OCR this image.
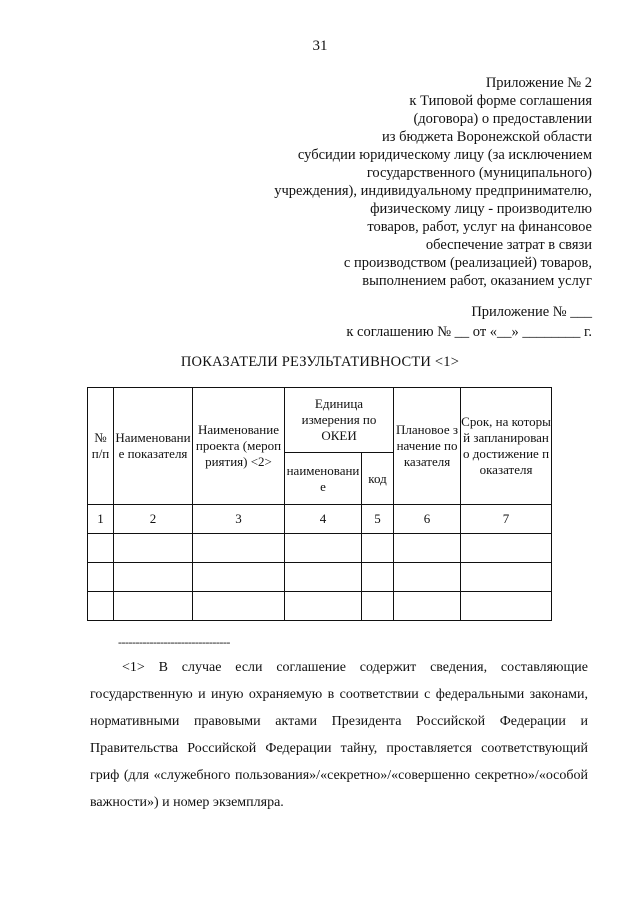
31
Приложение № 2
к Типовой форме соглашения
(договора) о предоставлении
из бюджета Воронежской области
субсидии юридическому лицу (за исключением
государственного (муниципального)
учреждения), индивидуальному предпринимателю,
физическому лицу - производителю
товаров, работ, услуг на финансовое
обеспечение затрат в связи
с производством (реализацией) товаров,
выполнением работ, оказанием услуг
Приложение № ___
к соглашению № __ от «__» ________ г.
ПОКАЗАТЕЛИ РЕЗУЛЬТАТИВНОСТИ <1>
№ п/п	Наименование показателя	Наименование проекта (мероприятия) <2>	Единица измерения по ОКЕИ		Плановое значение показателя	Срок, на который запланировано достижение показателя
			наименование	код		
1	2	3	4	5	6	7

--------------------------------
<1> В случае если соглашение содержит сведения, составляющие государственную и иную охраняемую в соответствии с федеральными законами, нормативными правовыми актами Президента Российской Федерации и Правительства Российской Федерации тайну, проставляется соответствующий гриф (для «служебного пользования»/«секретно»/«совершенно секретно»/«особой важности») и номер экземпляра.
